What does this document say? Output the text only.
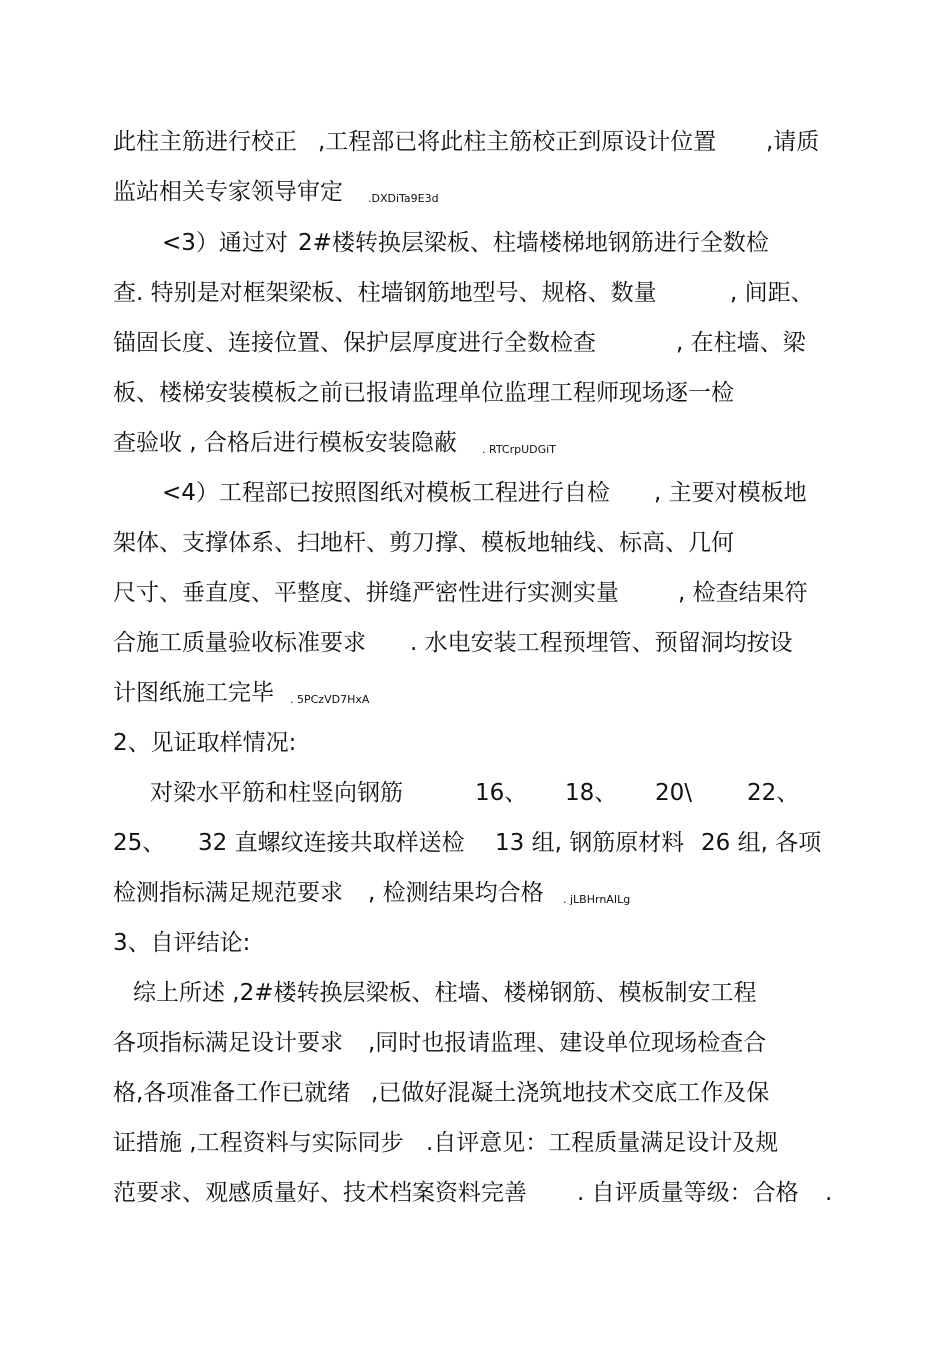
此柱主筋进行校正

,工程部已将此柱主筋校正到原设计位置

,请质

监站相关专家领导审定

.DXDiTa9E3d

<3）通过对

2#楼转换层梁板、柱墙楼梯地钢筋进行全数检

查. 特别是对框架梁板、柱墙钢筋地型号、规格、数量

	, 间距、

锚固长度、连接位置、保护层厚度进行全数检查

	, 在柱墙、梁

板、楼梯安装模板之前已报请监理单位监理工程师现场逐一检

查验收 , 合格后进行模板安装隐蔽

. RTCrpUDGiT

<4）工程部已按照图纸对模板工程进行自检

, 主要对模板地

架体、支撑体系、扫地杆、剪刀撑、模板地轴线、标高、几何

尺寸、垂直度、平整度、拼缝严密性进行实测实量

	, 检查结果符

合施工质量验收标准要求

. 水电安装工程预埋管、预留洞均按设

计图纸施工完毕

. 5PCzVD7HxA

2、见证取样情况:

对梁水平筋和柱竖向钢筋

	16、

18、

20\

22、

25、

32 直螺纹连接共取样送检

13 组, 钢筋原材料

26 组, 各项

检测指标满足规范要求

, 检测结果均合格

. jLBHrnAILg

3、自评结论:

综上所述 ,2#楼转换层梁板、柱墙、楼梯钢筋、模板制安工程

各项指标满足设计要求

,同时也报请监理、建设单位现场检查合

格,各项准备工作已就绪

,已做好混凝土浇筑地技术交底工作及保

证措施 ,工程资料与实际同步

.自评意见：工程质量满足设计及规

范要求、观感质量好、技术档案资料完善

. 自评质量等级：合格

.
